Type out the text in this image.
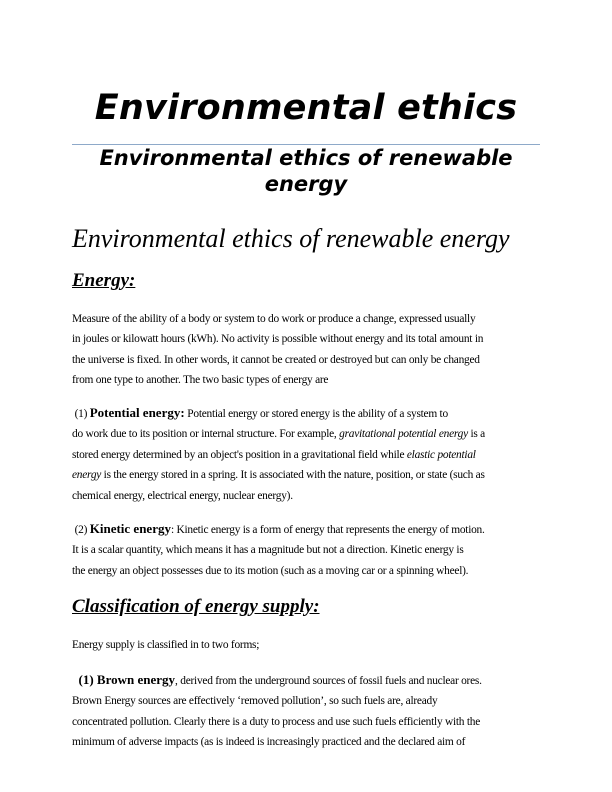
Environmental ethics
Environmental ethics of renewable energy
Environmental ethics of renewable energy
Energy:

Measure of the ability of a body or system to do work or produce a change, expressed usually
in joules or kilowatt hours (kWh). No activity is possible without energy and its total amount in
the universe is fixed. In other words, it cannot be created or destroyed but can only be changed
from one type to another. The two basic types of energy are

(1) Potential energy: Potential energy or stored energy is the ability of a system to
do work due to its position or internal structure. For example, gravitational potential energy is a
stored energy determined by an object's position in a gravitational field while elastic potential
energy is the energy stored in a spring. It is associated with the nature, position, or state (such as
chemical energy, electrical energy, nuclear energy).

(2) Kinetic energy: Kinetic energy is a form of energy that represents the energy of motion.
It is a scalar quantity, which means it has a magnitude but not a direction. Kinetic energy is
the energy an object possesses due to its motion (such as a moving car or a spinning wheel).

Classification of energy supply:

Energy supply is classified in to two forms;

(1) Brown energy, derived from the underground sources of fossil fuels and nuclear ores.
Brown Energy sources are effectively ‘removed pollution’, so such fuels are, already
concentrated pollution. Clearly there is a duty to process and use such fuels efficiently with the
minimum of adverse impacts (as is indeed is increasingly practiced and the declared aim of
